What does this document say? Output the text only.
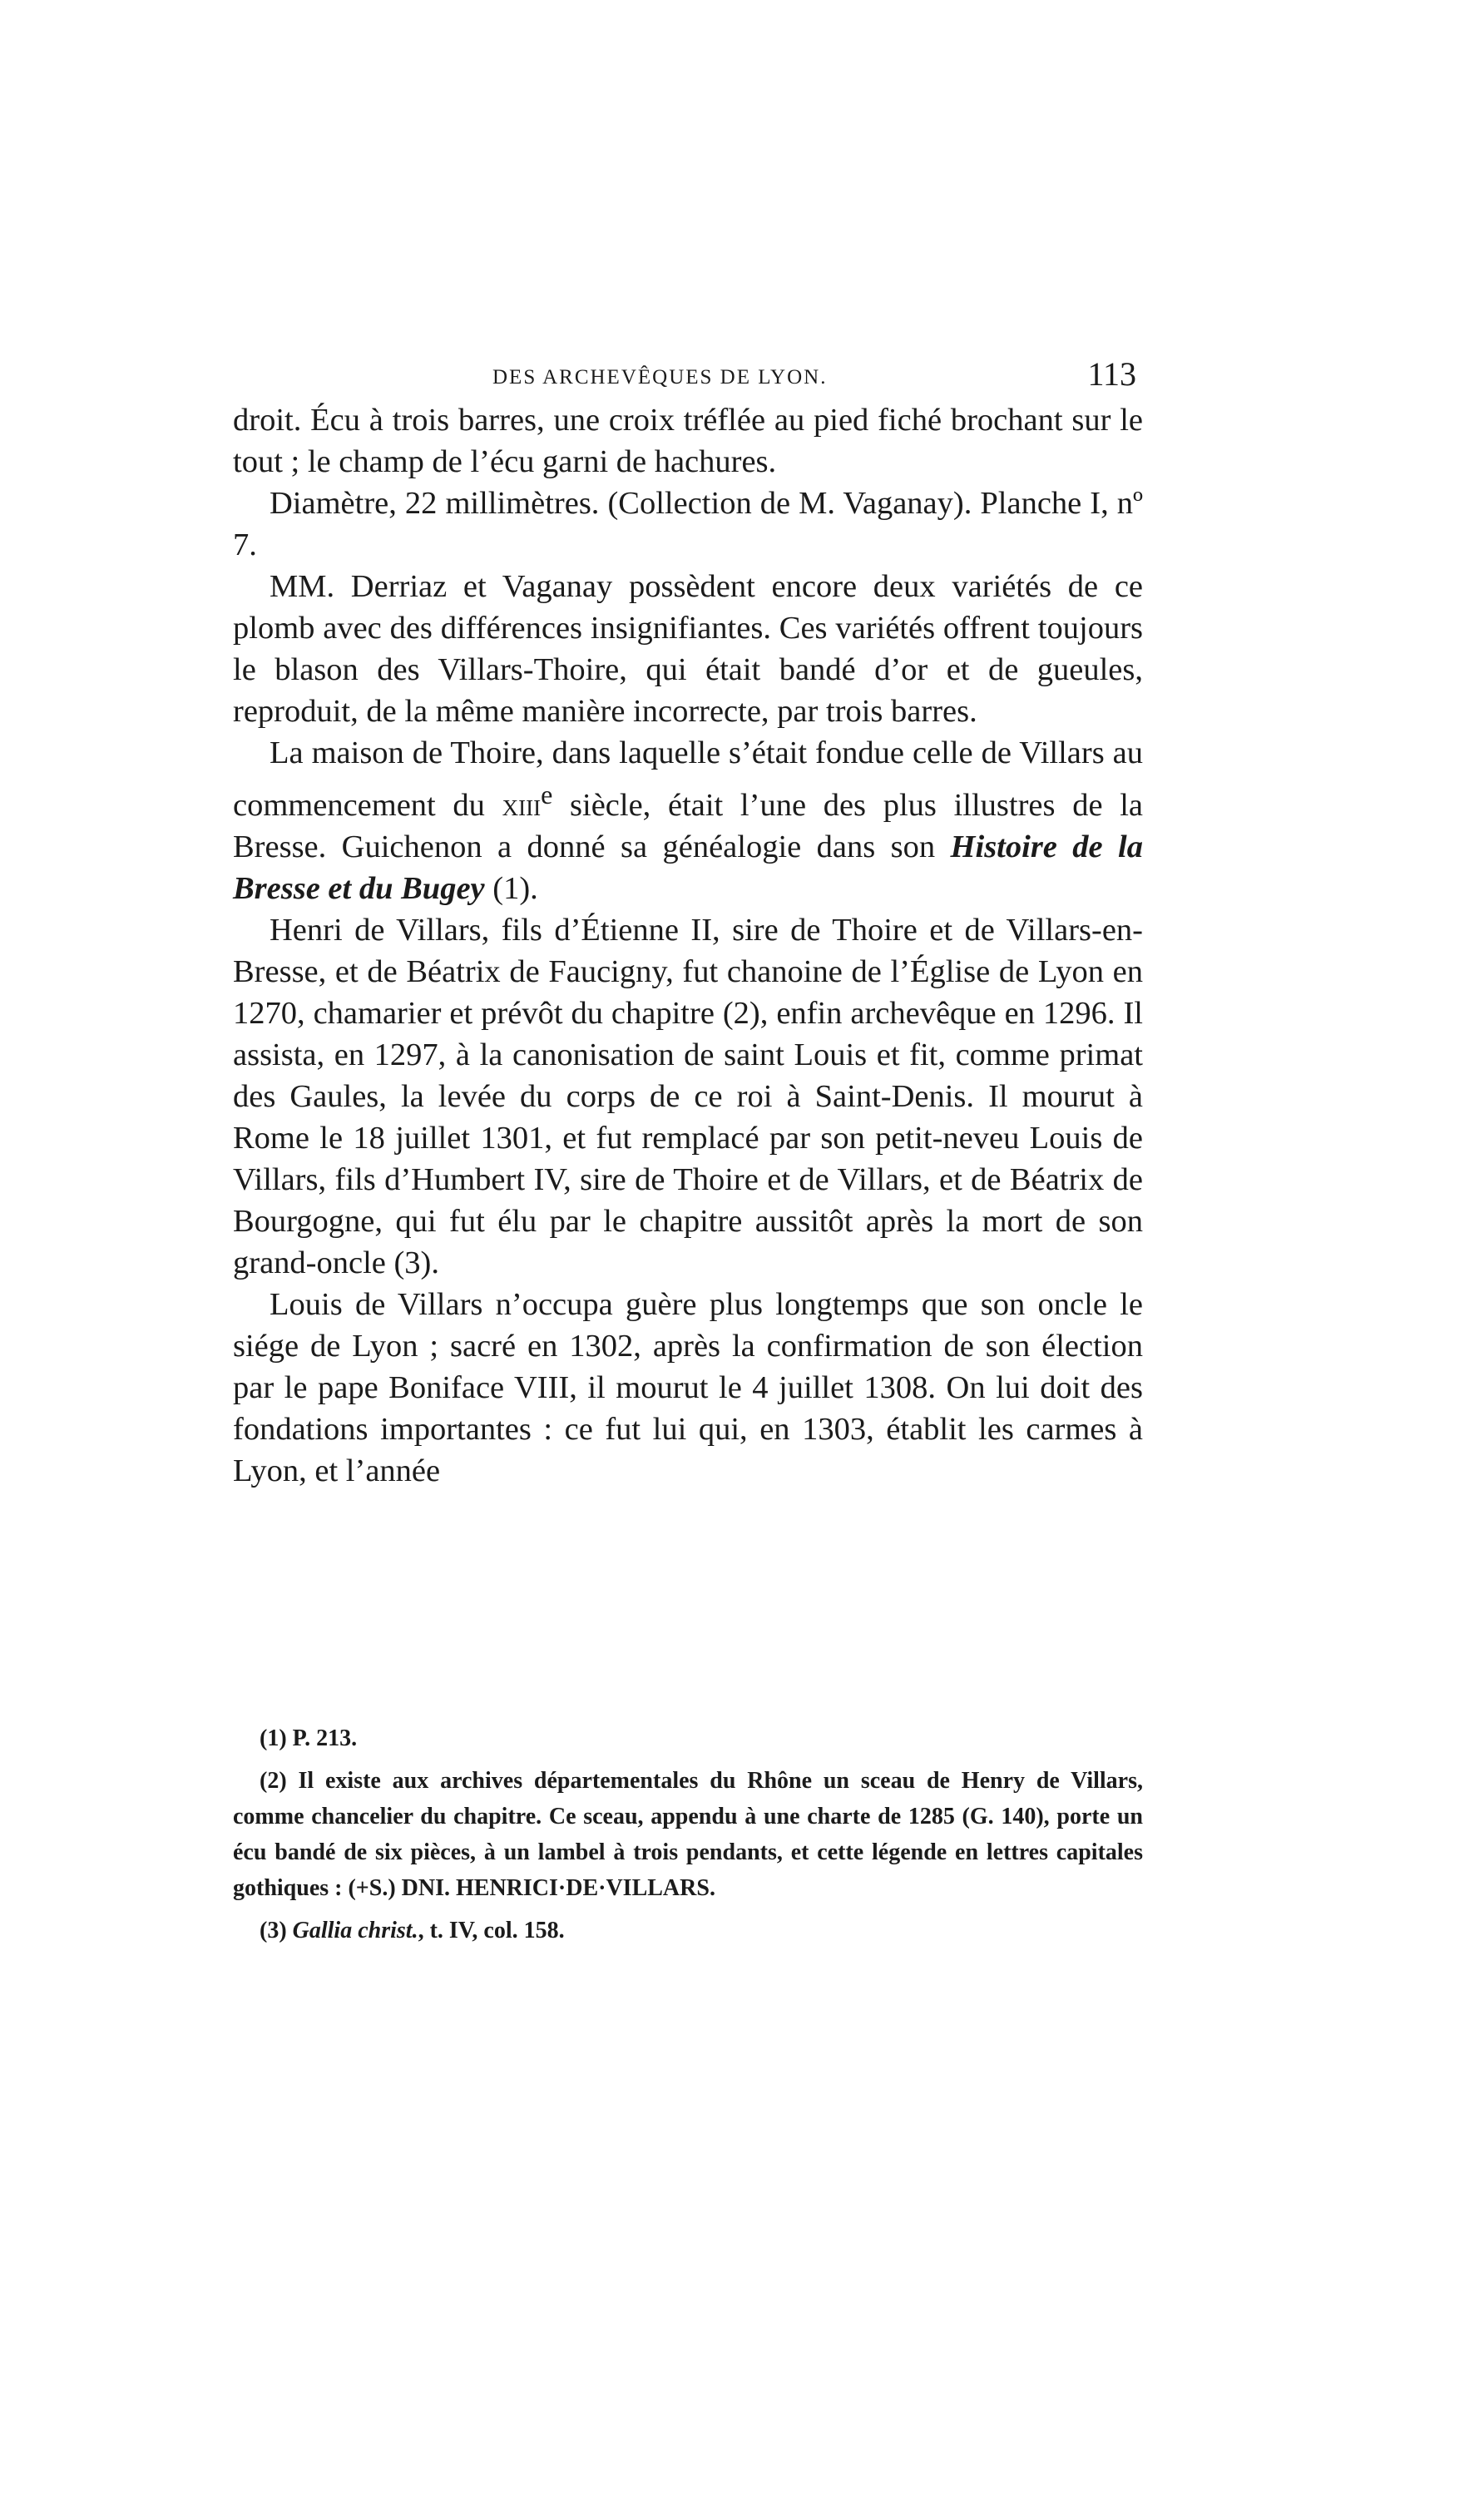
DES ARCHEVÊQUES DE LYON.	113

droit. Écu à trois barres, une croix tréflée au pied fiché brochant sur le tout ; le champ de l’écu garni de hachures.

Diamètre, 22 millimètres. (Collection de M. Vaganay). Planche I, nº 7.

MM. Derriaz et Vaganay possèdent encore deux variétés de ce plomb avec des différences insignifiantes. Ces variétés offrent toujours le blason des Villars-Thoire, qui était bandé d’or et de gueules, reproduit, de la même manière incorrecte, par trois barres.

La maison de Thoire, dans laquelle s’était fondue celle de Villars au commencement du xiii$^e$ siècle, était l’une des plus illustres de la Bresse. Guichenon a donné sa généalogie dans son Histoire de la Bresse et du Bugey (1).

Henri de Villars, fils d’Étienne II, sire de Thoire et de Villars-en-Bresse, et de Béatrix de Faucigny, fut chanoine de l’Église de Lyon en 1270, chamarier et prévôt du chapitre (2), enfin archevêque en 1296. Il assista, en 1297, à la canonisation de saint Louis et fit, comme primat des Gaules, la levée du corps de ce roi à Saint-Denis. Il mourut à Rome le 18 juillet 1301, et fut remplacé par son petit-neveu Louis de Villars, fils d’Humbert IV, sire de Thoire et de Villars, et de Béatrix de Bourgogne, qui fut élu par le chapitre aussitôt après la mort de son grand-oncle (3).

Louis de Villars n’occupa guère plus longtemps que son oncle le siége de Lyon ; sacré en 1302, après la confirmation de son élection par le pape Boniface VIII, il mourut le 4 juillet 1308. On lui doit des fondations importantes : ce fut lui qui, en 1303, établit les carmes à Lyon, et l’année

(1) P. 213.

(2) Il existe aux archives départementales du Rhône un sceau de Henry de Villars, comme chancelier du chapitre. Ce sceau, appendu à une charte de 1285 (G. 140), porte un écu bandé de six pièces, à un lambel à trois pendants, et cette légende en lettres capitales gothiques : (+S.) DNI. HENRICI·DE·VILLARS.

(3) Gallia christ., t. IV, col. 158.
